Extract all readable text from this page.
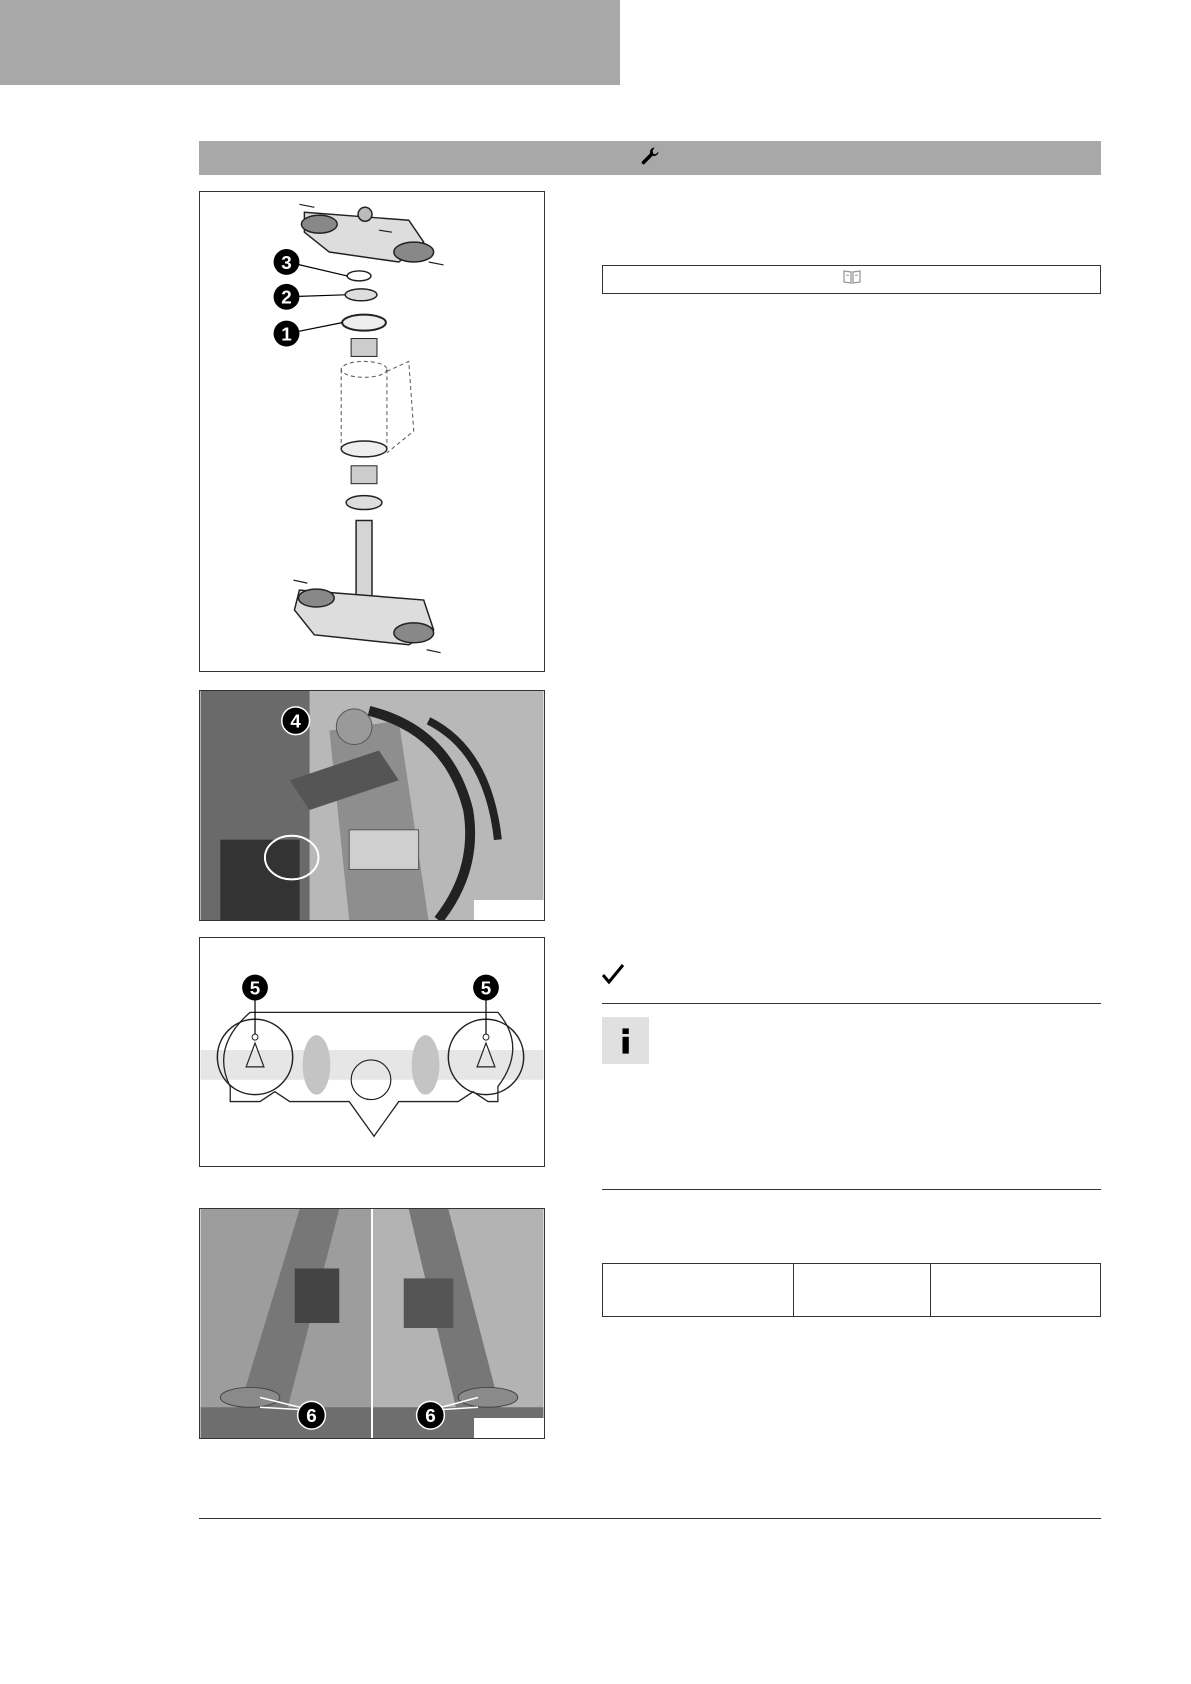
3
2
1
4
5	5
6	6
